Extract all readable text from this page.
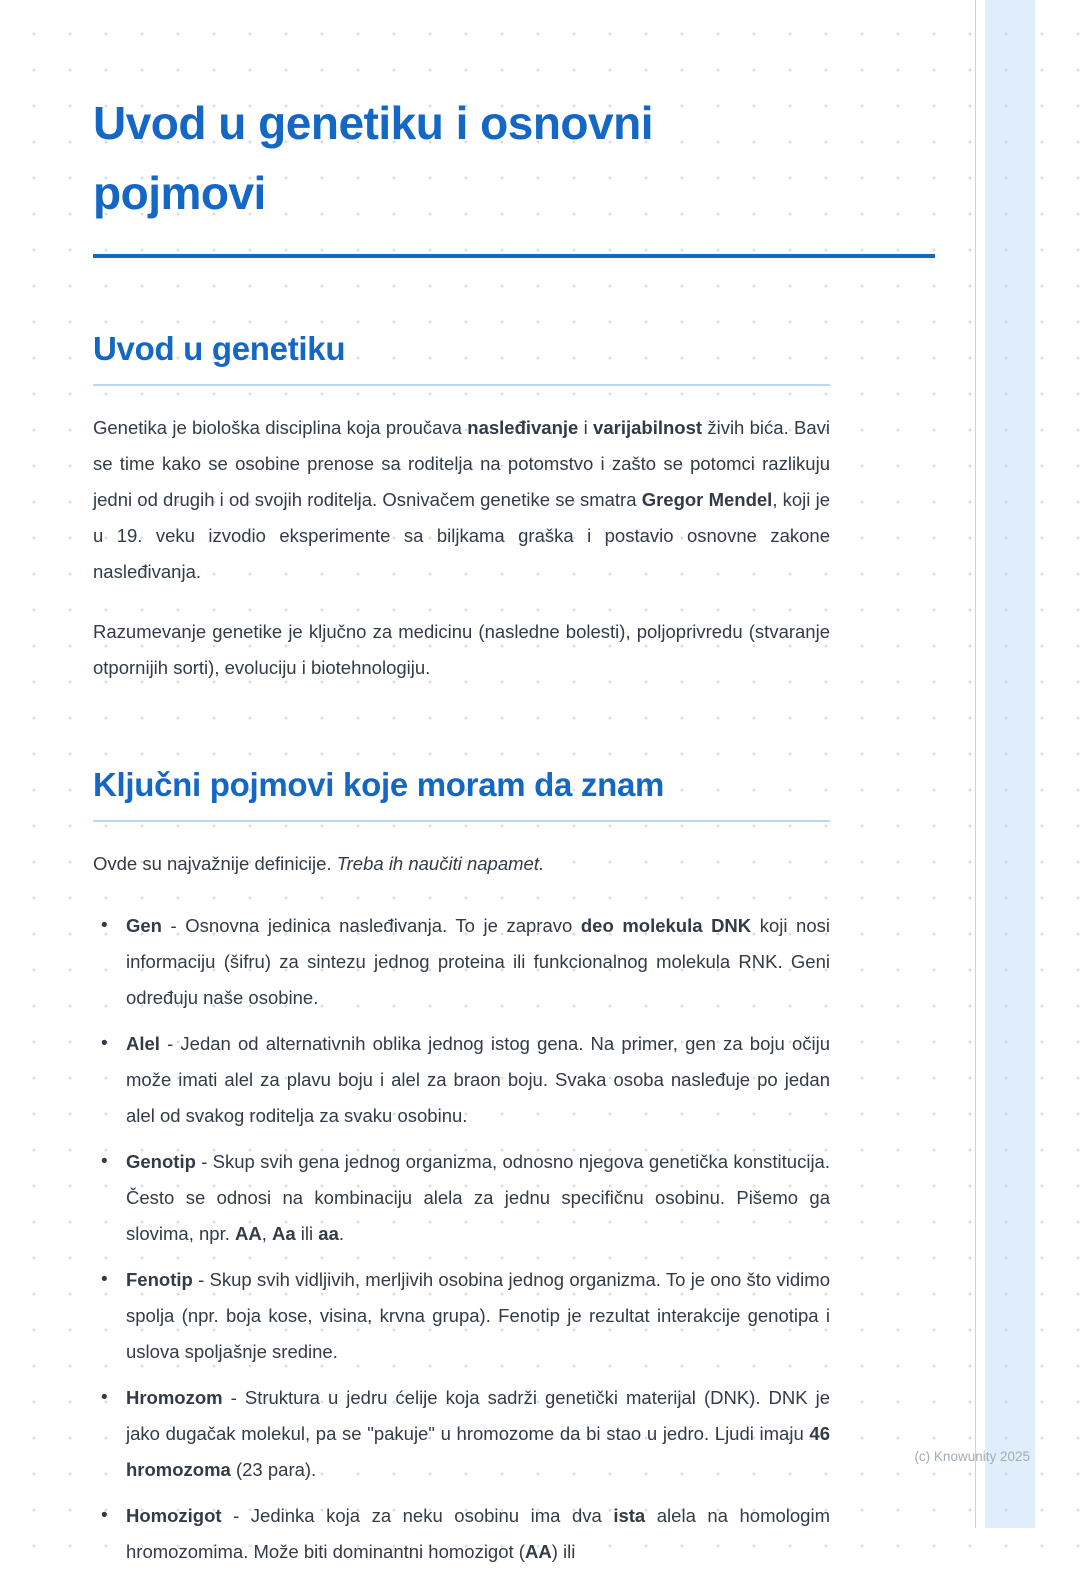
Uvod u genetiku i osnovni pojmovi
Uvod u genetiku

Genetika je biološka disciplina koja proučava nasleđivanje i varijabilnost živih bića. Bavi se time kako se osobine prenose sa roditelja na potomstvo i zašto se potomci razlikuju jedni od drugih i od svojih roditelja. Osnivačem genetike se smatra Gregor Mendel, koji je u 19. veku izvodio eksperimente sa biljkama graška i postavio osnovne zakone nasleđivanja.

Razumevanje genetike je ključno za medicinu (nasledne bolesti), poljoprivredu (stvaranje otpornijih sorti), evoluciju i biotehnologiju.

Ključni pojmovi koje moram da znam

Ovde su najvažnije definicije. Treba ih naučiti napamet.

• Gen - Osnovna jedinica nasleđivanja. To je zapravo deo molekula DNK koji nosi informaciju (šifru) za sintezu jednog proteina ili funkcionalnog molekula RNK. Geni određuju naše osobine.
• Alel - Jedan od alternativnih oblika jednog istog gena. Na primer, gen za boju očiju može imati alel za plavu boju i alel za braon boju. Svaka osoba nasleđuje po jedan alel od svakog roditelja za svaku osobinu.
• Genotip - Skup svih gena jednog organizma, odnosno njegova genetička konstitucija. Često se odnosi na kombinaciju alela za jednu specifičnu osobinu. Pišemo ga slovima, npr. AA, Aa ili aa.
• Fenotip - Skup svih vidljivih, merljivih osobina jednog organizma. To je ono što vidimo spolja (npr. boja kose, visina, krvna grupa). Fenotip je rezultat interakcije genotipa i uslova spoljašnje sredine.
• Hromozom - Struktura u jedru ćelije koja sadrži genetički materijal (DNK). DNK je jako dugačak molekul, pa se "pakuje" u hromozome da bi stao u jedro. Ljudi imaju 46 hromozoma (23 para).
• Homozigot - Jedinka koja za neku osobinu ima dva ista alela na homologim hromozomima. Može biti dominantni homozigot (AA) ili
(c) Knowunity 2025
